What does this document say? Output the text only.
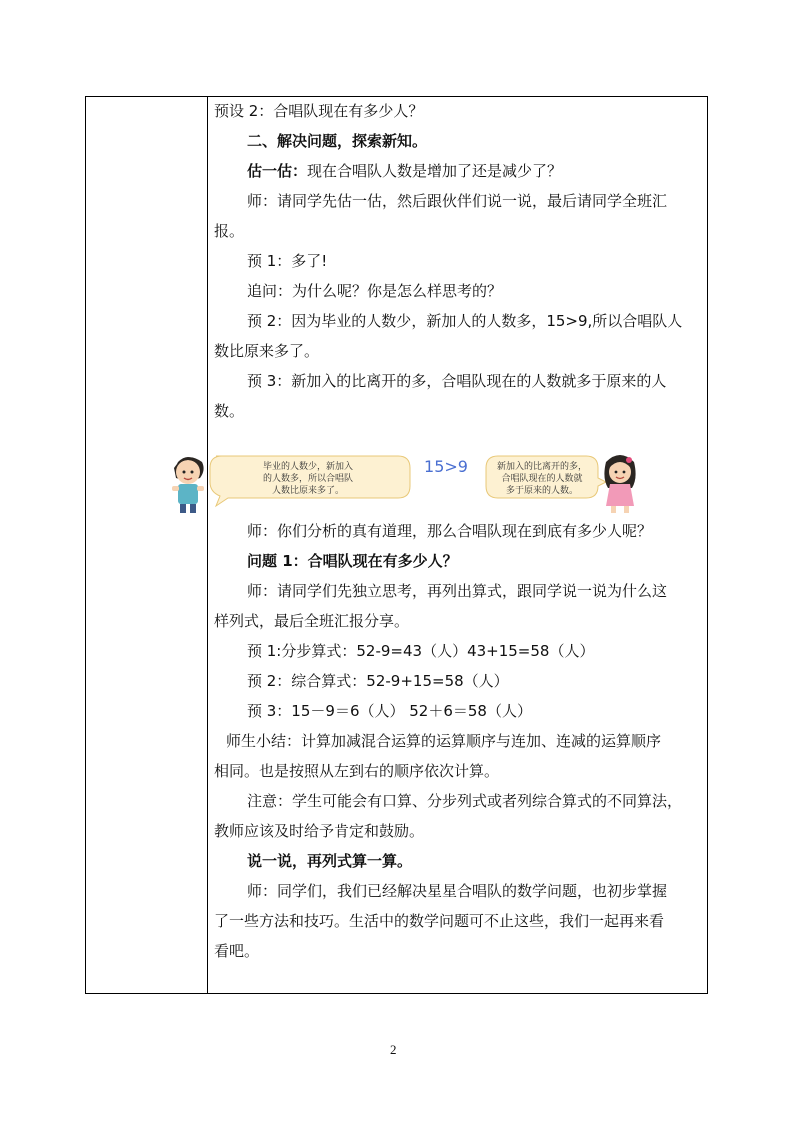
预设 2：合唱队现在有多少人？
二、解决问题，探索新知。
估一估：现在合唱队人数是增加了还是减少了？
师：请同学先估一估，然后跟伙伴们说一说，最后请同学全班汇
报。
预 1：多了!
追问：为什么呢？你是怎么样思考的？
预 2：因为毕业的人数少，新加人的人数多，15>9,所以合唱队人
数比原来多了。
预 3：新加入的比离开的多，合唱队现在的人数就多于原来的人
数。
师：你们分析的真有道理，那么合唱队现在到底有多少人呢？
问题 1：合唱队现在有多少人？
师：请同学们先独立思考，再列出算式，跟同学说一说为什么这
样列式，最后全班汇报分享。
预 1:分步算式：52-9=43（人）43+15=58（人）
预 2：综合算式：52-9+15=58（人）
预 3：15－9＝6（人） 52＋6＝58（人）
师生小结：计算加减混合运算的运算顺序与连加、连减的运算顺序
相同。也是按照从左到右的顺序依次计算。
注意：学生可能会有口算、分步列式或者列综合算式的不同算法，
教师应该及时给予肯定和鼓励。
说一说，再列式算一算。
师：同学们，我们已经解决星星合唱队的数学问题，也初步掌握
了一些方法和技巧。生活中的数学问题可不止这些，我们一起再来看
看吧。
毕业的人数少，新加入
的人数多，所以合唱队
人数比原来多了。
15>9	新加入的比离开的多，
合唱队现在的人数就
多于原来的人数。
2
